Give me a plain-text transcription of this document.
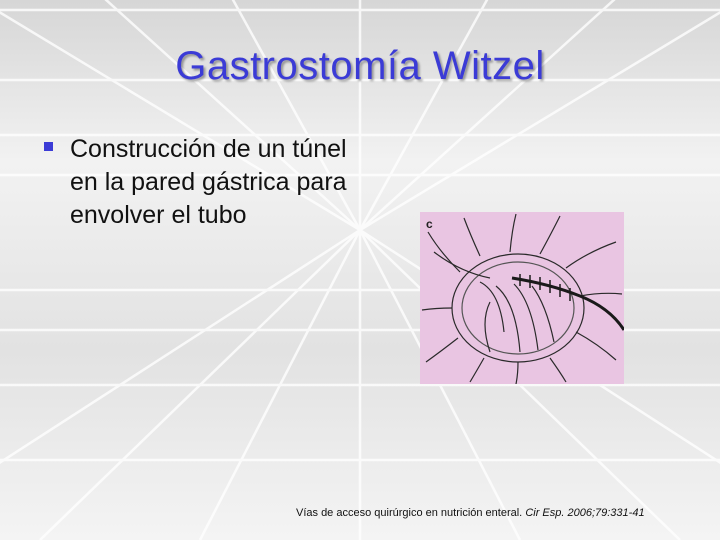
Gastrostomía Witzel
Construcción de un túnel en la pared gástrica para envolver el tubo	c
Vías de acceso quirúrgico en nutrición enteral. Cir Esp. 2006;79:331-41
